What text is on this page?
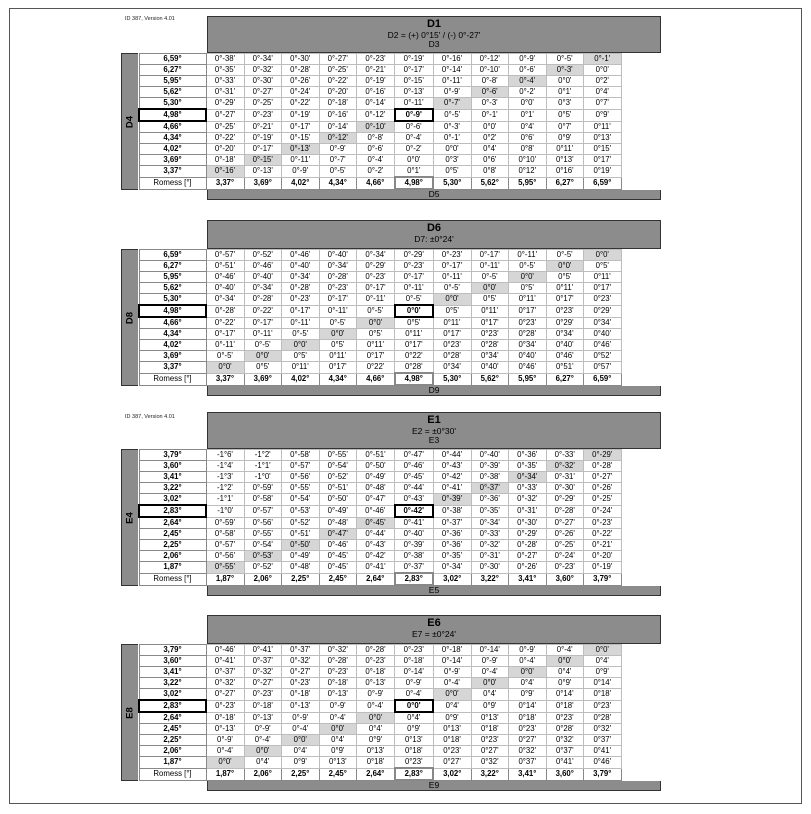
ID 387, Version 4.01
ID 387, Version 4.01
D1
D2 = (+) 0°15' / (-) 0°-27'
D3
D4
6,59°	0°-38'	0°-34'	0°-30'	0°-27'	0°-23'	0°-19'	0°-16'	0°-12'	0°-9'	0°-5'	0°-1'
6,27°	0°-35'	0°-32'	0°-28'	0°-25'	0°-21'	0°-17'	0°-14'	0°-10'	0°-6'	0°-3'	0°0'
5,95°	0°-33'	0°-30'	0°-26'	0°-22'	0°-19'	0°-15'	0°-11'	0°-8'	0°-4'	0°0'	0°2'
5,62°	0°-31'	0°-27'	0°-24'	0°-20'	0°-16'	0°-13'	0°-9'	0°-6'	0°-2'	0°1'	0°4'
5,30°	0°-29'	0°-25'	0°-22'	0°-18'	0°-14'	0°-11'	0°-7'	0°-3'	0°0'	0°3'	0°7'
4,98°	0°-27'	0°-23'	0°-19'	0°-16'	0°-12'	0°-9'	0°-5'	0°-1'	0°1'	0°5'	0°9'
4,66°	0°-25'	0°-21'	0°-17'	0°-14'	0°-10'	0°-6'	0°-3'	0°0'	0°4'	0°7'	0°11'
4,34°	0°-22'	0°-19'	0°-15'	0°-12'	0°-8'	0°-4'	0°-1'	0°2'	0°6'	0°9'	0°13'
4,02°	0°-20'	0°-17'	0°-13'	0°-9'	0°-6'	0°-2'	0°0'	0°4'	0°8'	0°11'	0°15'
3,69°	0°-18'	0°-15'	0°-11'	0°-7'	0°-4'	0°0'	0°3'	0°6'	0°10'	0°13'	0°17'
3,37°	0°-16'	0°-13'	0°-9'	0°-5'	0°-2'	0°1'	0°5'	0°8'	0°12'	0°16'	0°19'
Romess [°]	3,37°	3,69°	4,02°	4,34°	4,66°	4,98°	5,30°	5,62°	5,95°	6,27°	6,59°
D5
D6
D7: ±0°24'
D8
6,59°	0°-57'	0°-52'	0°-46'	0°-40'	0°-34'	0°-29'	0°-23'	0°-17'	0°-11'	0°-5'	0°0'
6,27°	0°-51'	0°-46'	0°-40'	0°-34'	0°-29'	0°-23'	0°-17'	0°-11'	0°-5'	0°0'	0°5'
5,95°	0°-46'	0°-40'	0°-34'	0°-28'	0°-23'	0°-17'	0°-11'	0°-5'	0°0'	0°5'	0°11'
5,62°	0°-40'	0°-34'	0°-28'	0°-23'	0°-17'	0°-11'	0°-5'	0°0'	0°5'	0°11'	0°17'
5,30°	0°-34'	0°-28'	0°-23'	0°-17'	0°-11'	0°-5'	0°0'	0°5'	0°11'	0°17'	0°23'
4,98°	0°-28'	0°-22'	0°-17'	0°-11'	0°-5'	0°0'	0°5'	0°11'	0°17'	0°23'	0°29'
4,66°	0°-22'	0°-17'	0°-11'	0°-5'	0°0'	0°5'	0°11'	0°17'	0°23'	0°29'	0°34'
4,34°	0°-17'	0°-11'	0°-5'	0°0'	0°5'	0°11'	0°17'	0°23'	0°28'	0°34'	0°40'
4,02°	0°-11'	0°-5'	0°0'	0°5'	0°11'	0°17'	0°23'	0°28'	0°34'	0°40'	0°46'
3,69°	0°-5'	0°0'	0°5'	0°11'	0°17'	0°22'	0°28'	0°34'	0°40'	0°46'	0°52'
3,37°	0°0'	0°5'	0°11'	0°17'	0°22'	0°28'	0°34'	0°40'	0°46'	0°51'	0°57'
Romess [°]	3,37°	3,69°	4,02°	4,34°	4,66°	4,98°	5,30°	5,62°	5,95°	6,27°	6,59°
D9
E1
E2 = ±0°30'
E3
E4
3,79°	-1°6'	-1°2'	0°-58'	0°-55'	0°-51'	0°-47'	0°-44'	0°-40'	0°-36'	0°-33'	0°-29'
3,60°	-1°4'	-1°1'	0°-57'	0°-54'	0°-50'	0°-46'	0°-43'	0°-39'	0°-35'	0°-32'	0°-28'
3,41°	-1°3'	-1°0'	0°-56'	0°-52'	0°-49'	0°-45'	0°-42'	0°-38'	0°-34'	0°-31'	0°-27'
3,22°	-1°2'	0°-59'	0°-55'	0°-51'	0°-48'	0°-44'	0°-41'	0°-37'	0°-33'	0°-30'	0°-26'
3,02°	-1°1'	0°-58'	0°-54'	0°-50'	0°-47'	0°-43'	0°-39'	0°-36'	0°-32'	0°-29'	0°-25'
2,83°	-1°0'	0°-57'	0°-53'	0°-49'	0°-46'	0°-42'	0°-38'	0°-35'	0°-31'	0°-28'	0°-24'
2,64°	0°-59'	0°-56'	0°-52'	0°-48'	0°-45'	0°-41'	0°-37'	0°-34'	0°-30'	0°-27'	0°-23'
2,45°	0°-58'	0°-55'	0°-51'	0°-47'	0°-44'	0°-40'	0°-36'	0°-33'	0°-29'	0°-26'	0°-22'
2,25°	0°-57'	0°-54'	0°-50'	0°-46'	0°-43'	0°-39'	0°-36'	0°-32'	0°-28'	0°-25'	0°-21'
2,06°	0°-56'	0°-53'	0°-49'	0°-45'	0°-42'	0°-38'	0°-35'	0°-31'	0°-27'	0°-24'	0°-20'
1,87°	0°-55'	0°-52'	0°-48'	0°-45'	0°-41'	0°-37'	0°-34'	0°-30'	0°-26'	0°-23'	0°-19'
Romess [°]	1,87°	2,06°	2,25°	2,45°	2,64°	2,83°	3,02°	3,22°	3,41°	3,60°	3,79°
E5
E6
E7 = ±0°24'
E8
3,79°	0°-46'	0°-41'	0°-37'	0°-32'	0°-28'	0°-23'	0°-18'	0°-14'	0°-9'	0°-4'	0°0'
3,60°	0°-41'	0°-37'	0°-32'	0°-28'	0°-23'	0°-18'	0°-14'	0°-9'	0°-4'	0°0'	0°4'
3,41°	0°-37'	0°-32'	0°-27'	0°-23'	0°-18'	0°-14'	0°-9'	0°-4'	0°0'	0°4'	0°9'
3,22°	0°-32'	0°-27'	0°-23'	0°-18'	0°-13'	0°-9'	0°-4'	0°0'	0°4'	0°9'	0°14'
3,02°	0°-27'	0°-23'	0°-18'	0°-13'	0°-9'	0°-4'	0°0'	0°4'	0°9'	0°14'	0°18'
2,83°	0°-23'	0°-18'	0°-13'	0°-9'	0°-4'	0°0'	0°4'	0°9'	0°14'	0°18'	0°23'
2,64°	0°-18'	0°-13'	0°-9'	0°-4'	0°0'	0°4'	0°9'	0°13'	0°18'	0°23'	0°28'
2,45°	0°-13'	0°-9'	0°-4'	0°0'	0°4'	0°9'	0°13'	0°18'	0°23'	0°28'	0°32'
2,25°	0°-9'	0°-4'	0°0'	0°4'	0°9'	0°13'	0°18'	0°23'	0°27'	0°32'	0°37'
2,06°	0°-4'	0°0'	0°4'	0°9'	0°13'	0°18'	0°23'	0°27'	0°32'	0°37'	0°41'
1,87°	0°0'	0°4'	0°9'	0°13'	0°18'	0°23'	0°27'	0°32'	0°37'	0°41'	0°46'
Romess [°]	1,87°	2,06°	2,25°	2,45°	2,64°	2,83°	3,02°	3,22°	3,41°	3,60°	3,79°
E9
